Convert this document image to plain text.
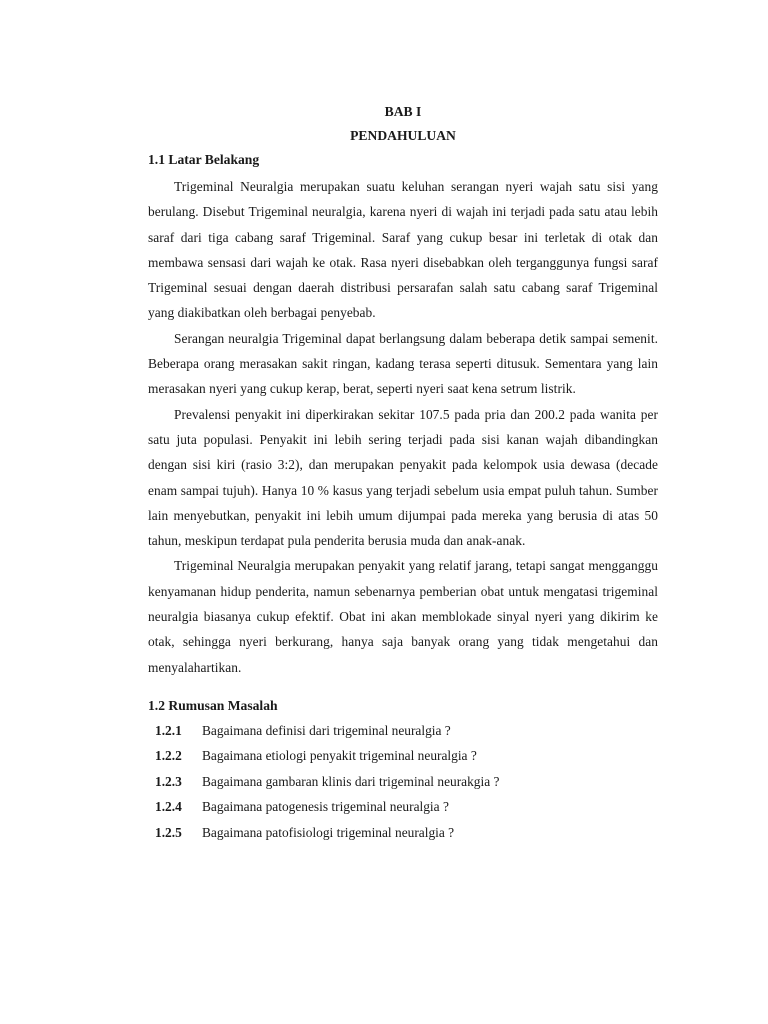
BAB I
PENDAHULUAN
1.1 Latar Belakang

Trigeminal Neuralgia merupakan suatu keluhan serangan nyeri wajah satu sisi yang berulang. Disebut Trigeminal neuralgia, karena nyeri di wajah ini terjadi pada satu atau lebih saraf dari tiga cabang saraf Trigeminal. Saraf yang cukup besar ini terletak di otak dan membawa sensasi dari wajah ke otak. Rasa nyeri disebabkan oleh terganggunya fungsi saraf Trigeminal sesuai dengan daerah distribusi persarafan salah satu cabang saraf Trigeminal yang diakibatkan oleh berbagai penyebab.

Serangan neuralgia Trigeminal dapat berlangsung dalam beberapa detik sampai semenit. Beberapa orang merasakan sakit ringan, kadang terasa seperti ditusuk. Sementara yang lain merasakan nyeri yang cukup kerap, berat, seperti nyeri saat kena setrum listrik.

Prevalensi penyakit ini diperkirakan sekitar 107.5 pada pria dan 200.2 pada wanita per satu juta populasi. Penyakit ini lebih sering terjadi pada sisi kanan wajah dibandingkan dengan sisi kiri (rasio 3:2), dan merupakan penyakit pada kelompok usia dewasa (decade enam sampai tujuh). Hanya 10 % kasus yang terjadi sebelum usia empat puluh tahun. Sumber lain menyebutkan, penyakit ini lebih umum dijumpai pada mereka yang berusia di atas 50 tahun, meskipun terdapat pula penderita berusia muda dan anak-anak.

Trigeminal Neuralgia merupakan penyakit yang relatif jarang, tetapi sangat mengganggu kenyamanan hidup penderita, namun sebenarnya pemberian obat untuk mengatasi trigeminal neuralgia biasanya cukup efektif. Obat ini akan memblokade sinyal nyeri yang dikirim ke otak, sehingga nyeri berkurang, hanya saja banyak orang yang tidak mengetahui dan menyalahartikan.

1.2 Rumusan Masalah
1.2.1	Bagaimana definisi dari trigeminal neuralgia ?
1.2.2	Bagaimana etiologi penyakit trigeminal neuralgia ?
1.2.3	Bagaimana gambaran klinis dari trigeminal neurakgia ?
1.2.4	Bagaimana patogenesis trigeminal neuralgia ?
1.2.5	Bagaimana patofisiologi trigeminal neuralgia ?
